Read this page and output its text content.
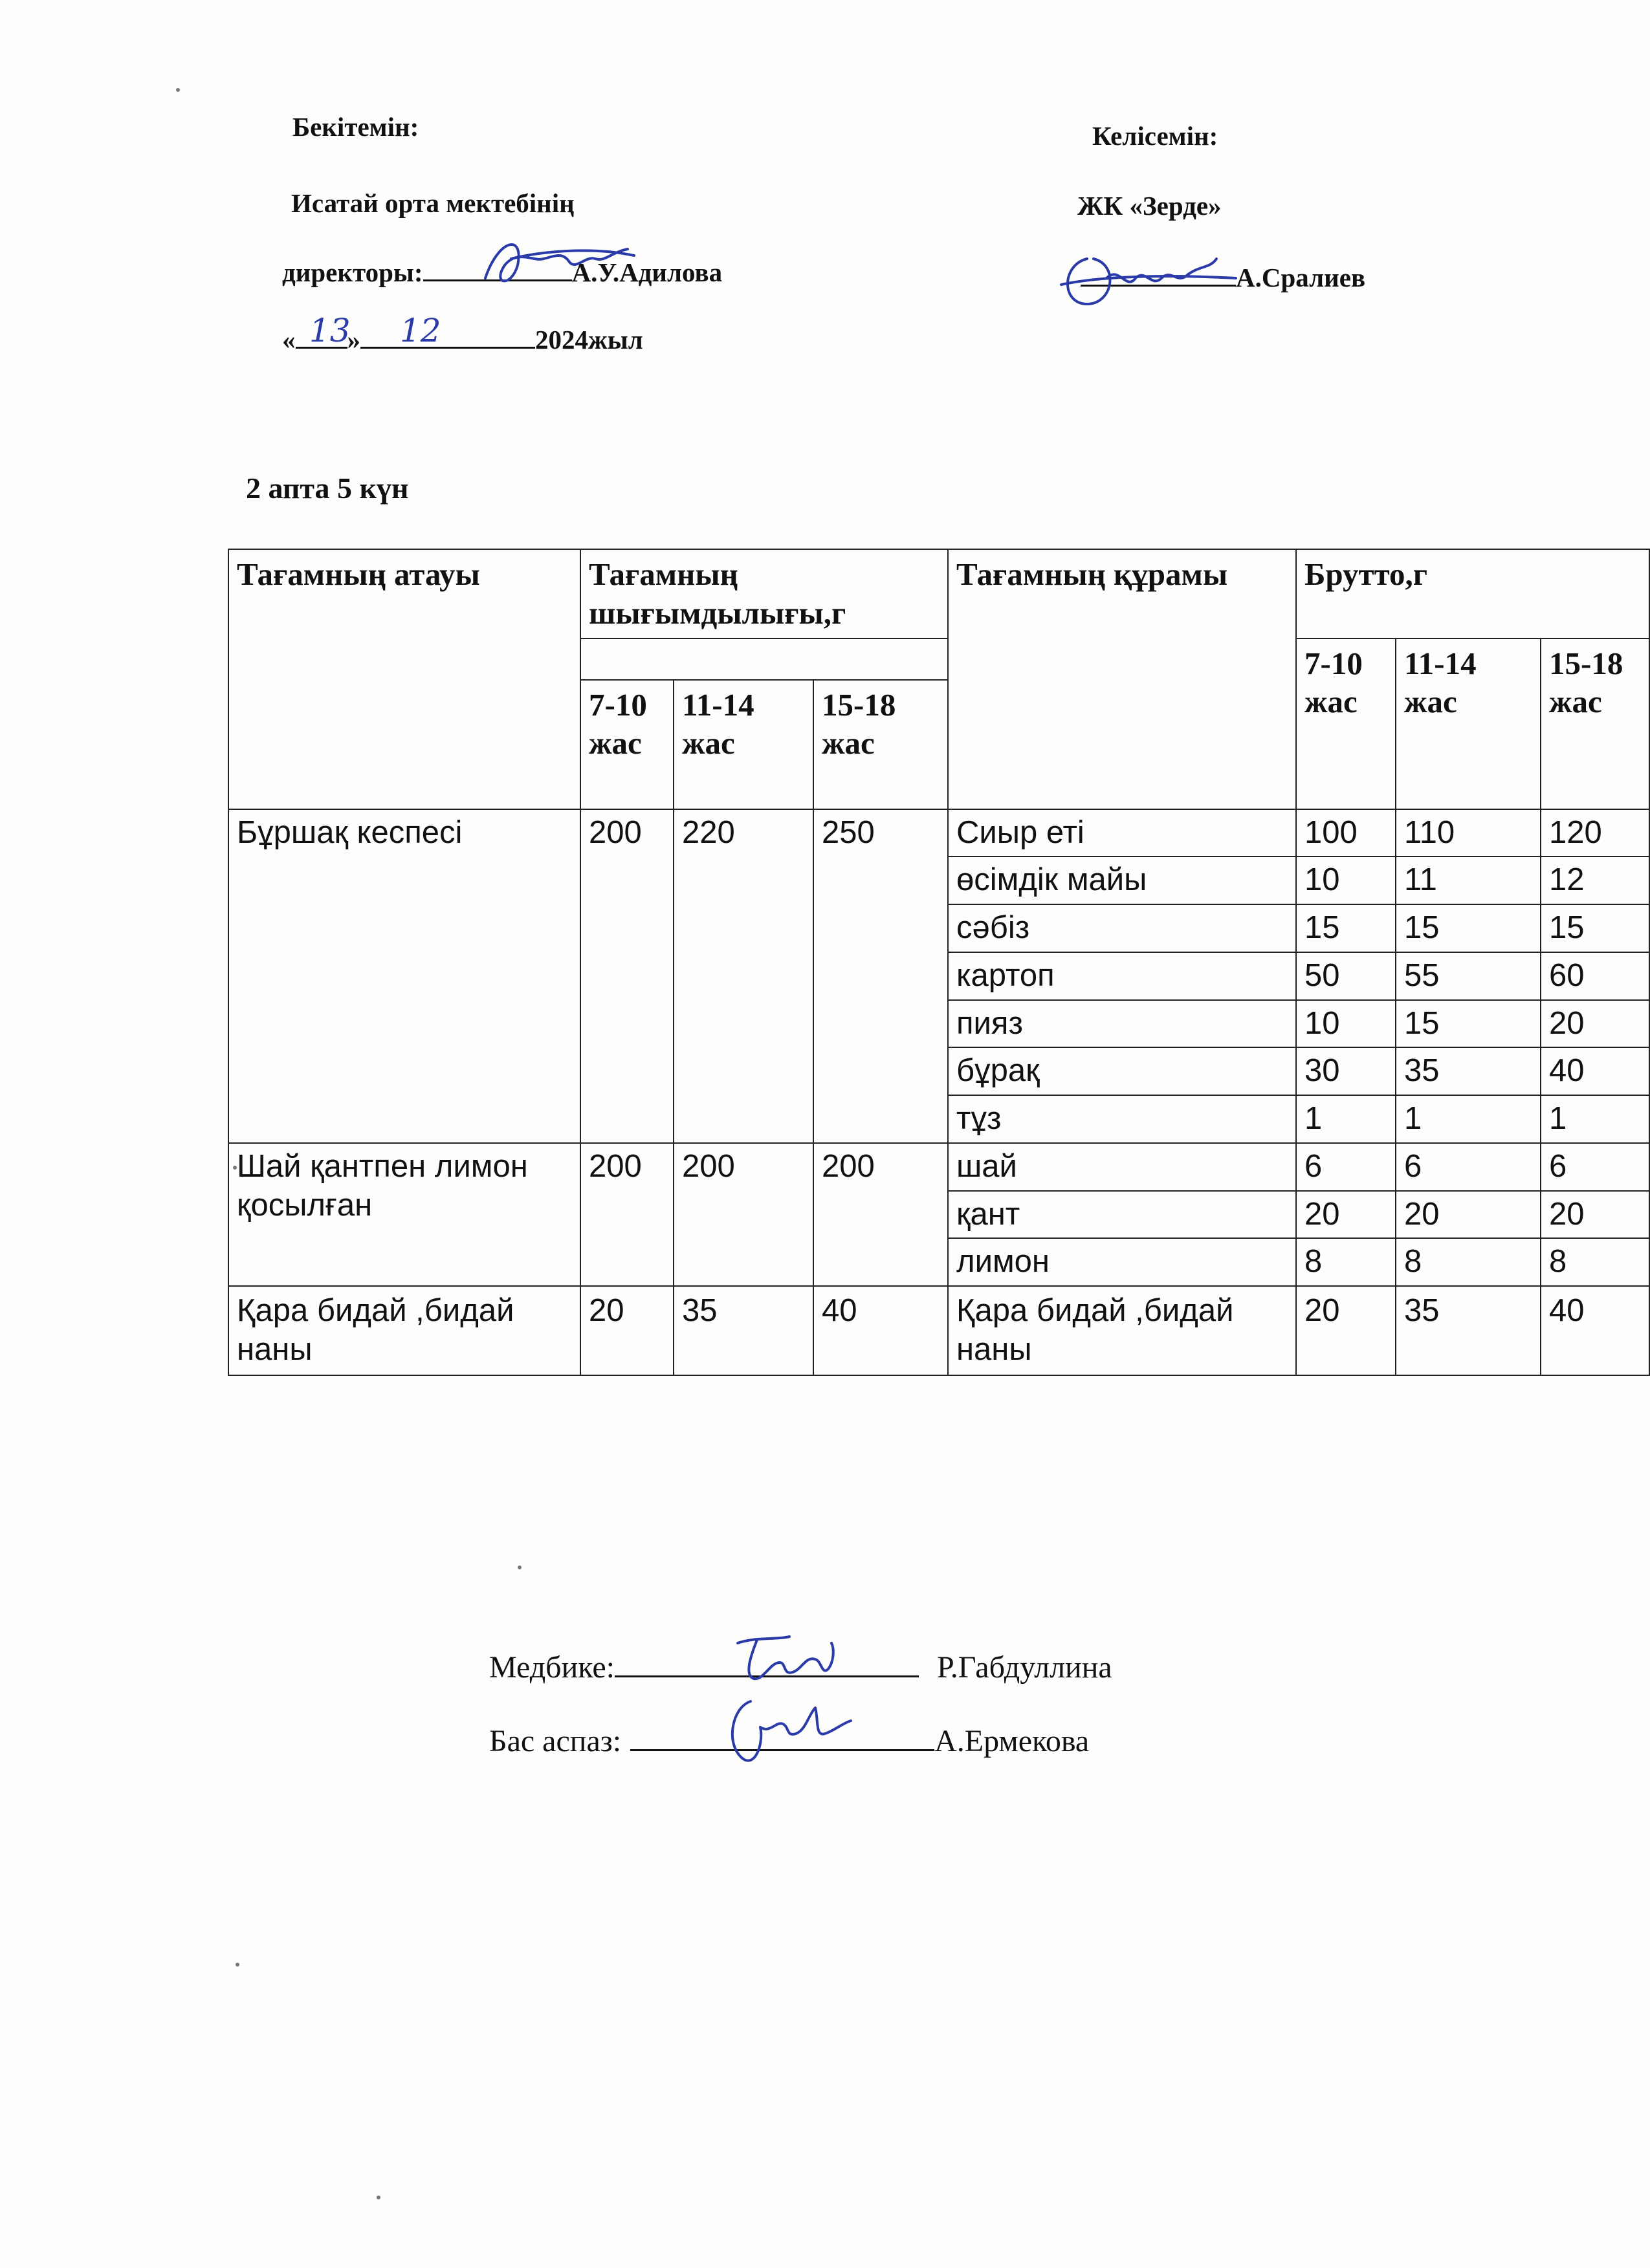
Бекітемін:
Исатай орта мектебінің
директоры:	А.У.Адилова
« »	2024жыл
13 12
Келісемін:
ЖК «Зерде»
А.Сралиев
2 апта 5 күн
Тағамның атауы	Тағамның шығымдылығы,г			Тағамның құрамы	Брутто,г		
					7-10 жас	11-14 жас	15-18 жас
	7-10 жас	11-14 жас	15-18 жас				
Бұршақ кеспесі	200	220	250	Сиыр еті	100	110	120
				өсімдік майы	10	11	12
				сәбіз	15	15	15
				картоп	50	55	60
				пияз	10	15	20
				бұрақ	30	35	40
				тұз	1	1	1
Шай қантпен лимон қосылған	200	200	200	шай	6	6	6
				қант	20	20	20
				лимон	8	8	8
Қара бидай ,бидай наны	20	35	40	Қара бидай ,бидай наны	20	35	40
Медбике:	Р.Габдуллина
Бас аспаз:	А.Ермекова
